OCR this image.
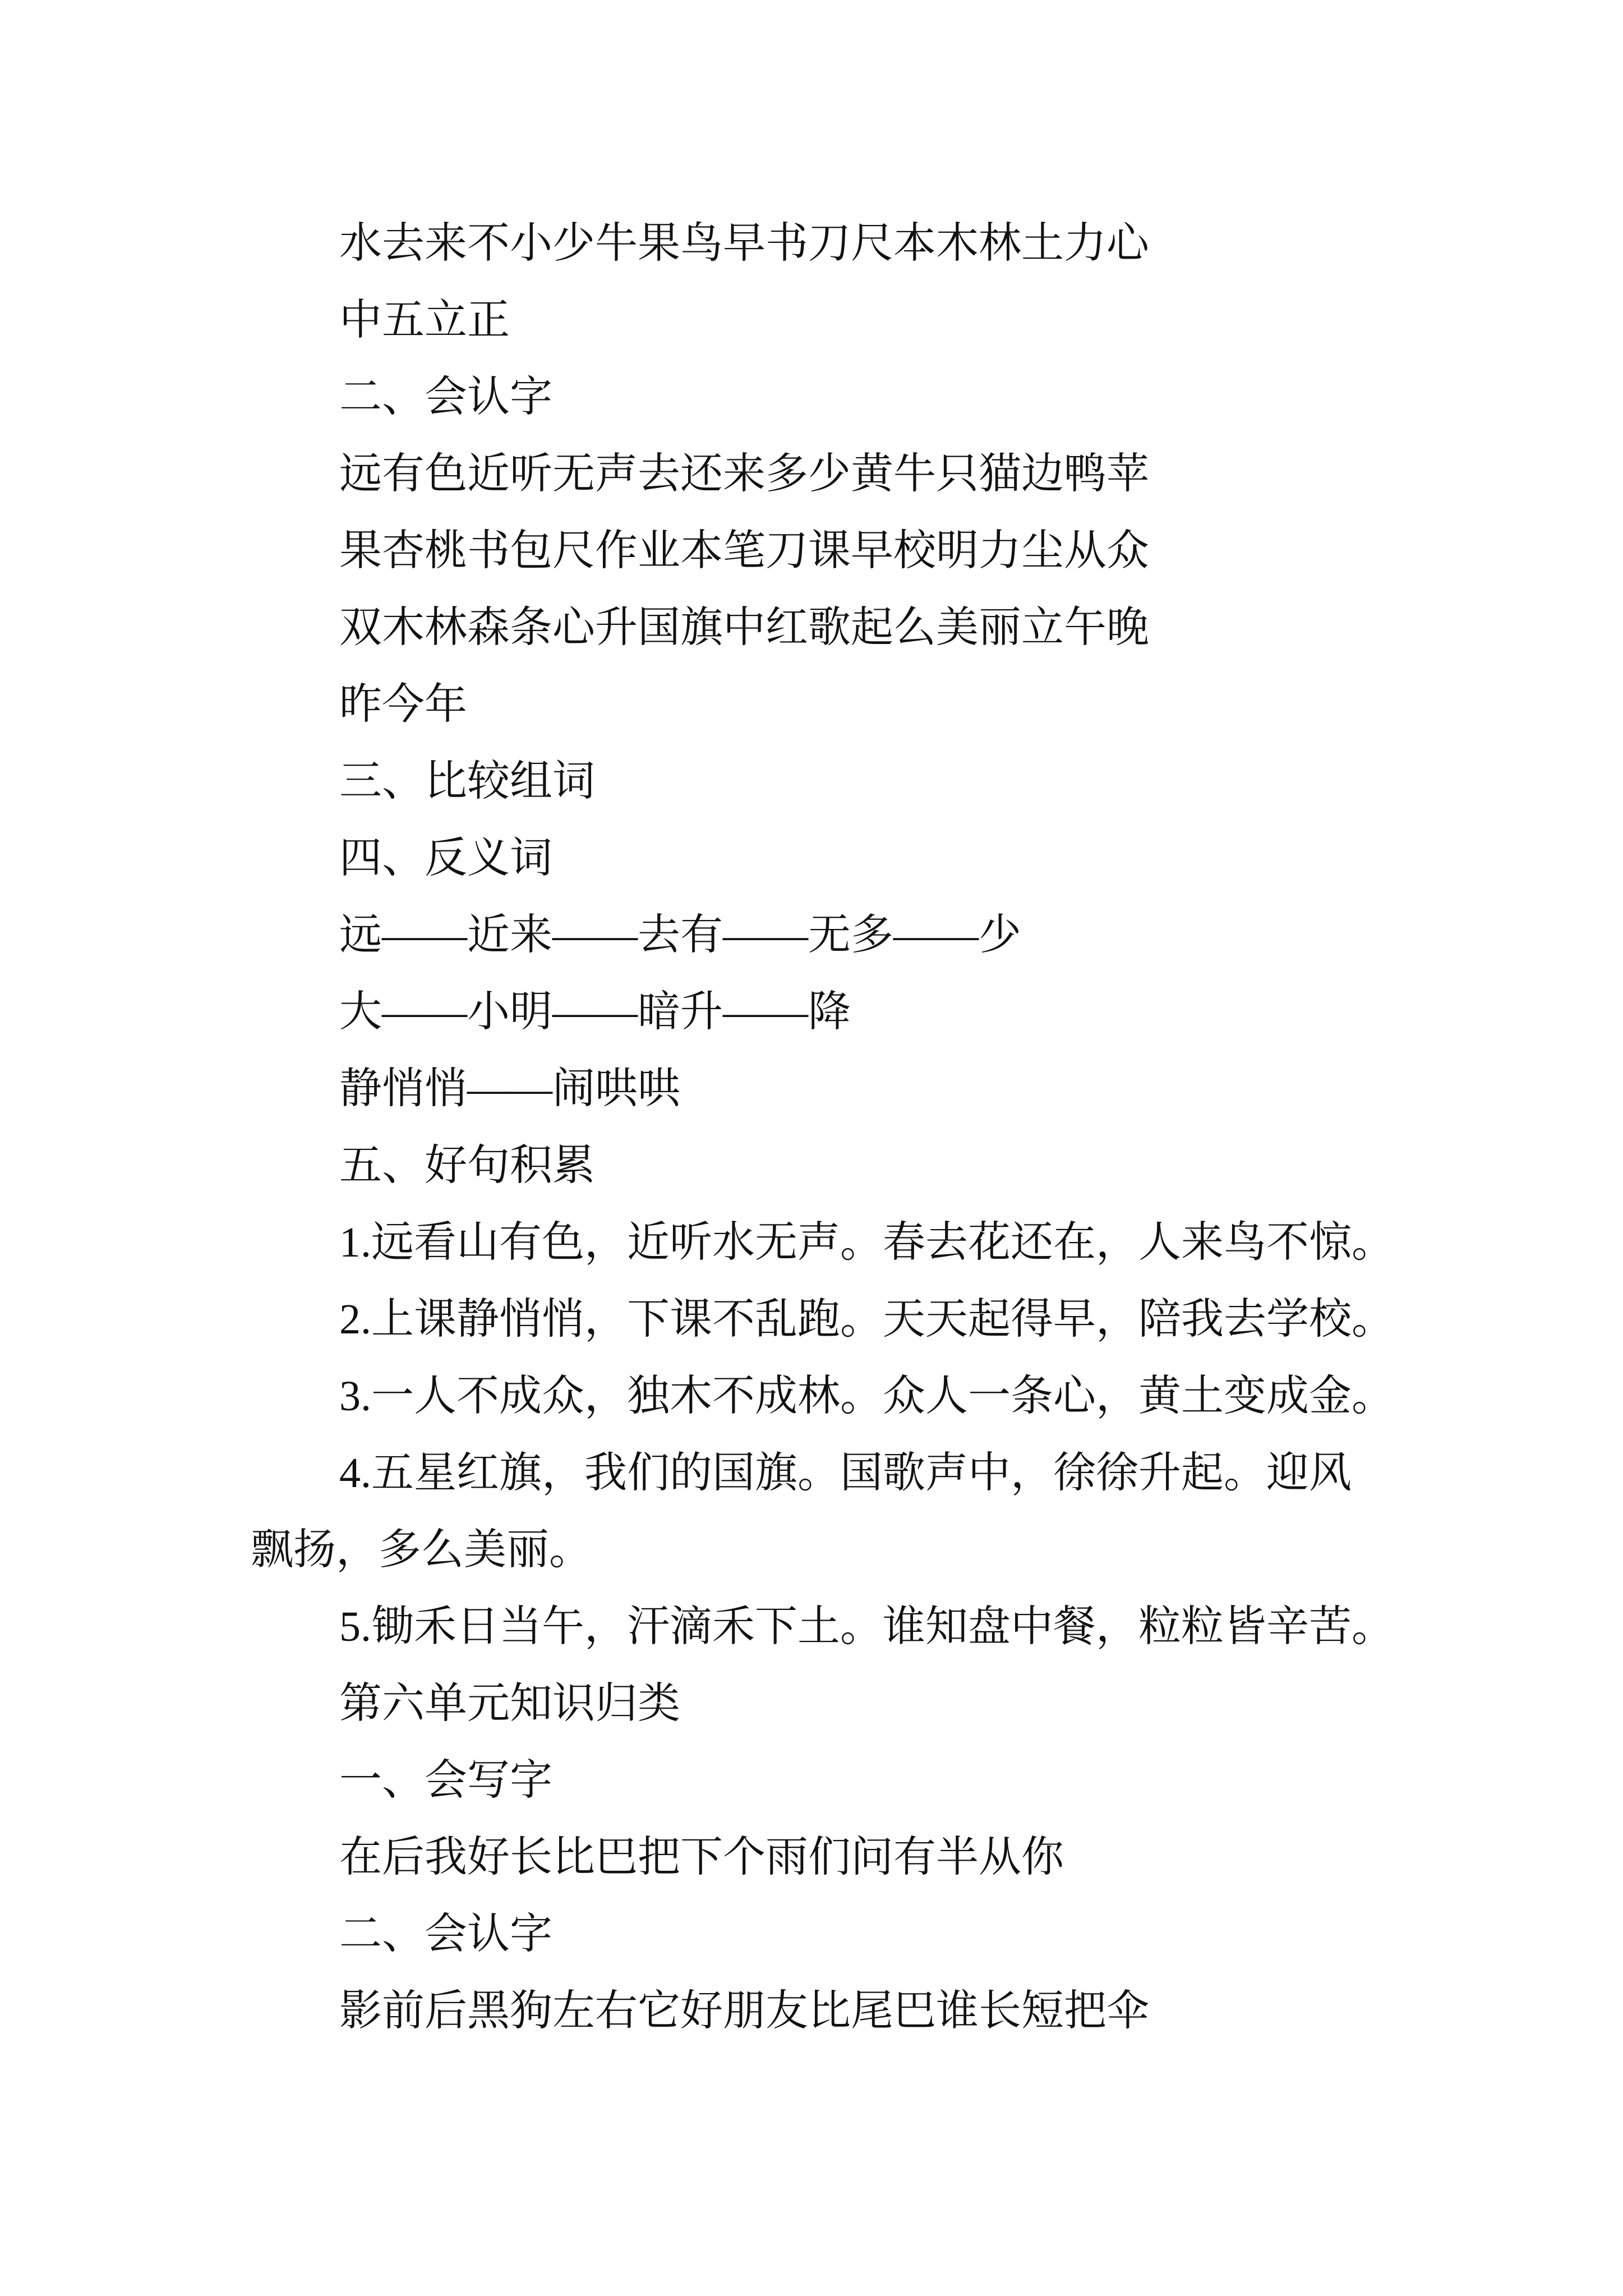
水去来不小少牛果鸟早书刀尺本木林土力心
中五立正
二、会认字
远有色近听无声去还来多少黄牛只猫边鸭苹
果杏桃书包尺作业本笔刀课早校明力尘从众
双木林森条心升国旗中红歌起么美丽立午晚
昨今年
三、比较组词
四、反义词
远——近来——去有——无多——少
大——小明——暗升——降
静悄悄——闹哄哄
五、好句积累
1.远看山有色，近听水无声。春去花还在，人来鸟不惊。
2.上课静悄悄，下课不乱跑。天天起得早，陪我去学校。
3.一人不成众，独木不成林。众人一条心，黄土变成金。
4.五星红旗，我们的国旗。国歌声中，徐徐升起。迎风
飘扬，多么美丽。
5.锄禾日当午，汗滴禾下土。谁知盘中餐，粒粒皆辛苦。
第六单元知识归类
一、会写字
在后我好长比巴把下个雨们问有半从你
二、会认字
影前后黑狗左右它好朋友比尾巴谁长短把伞
